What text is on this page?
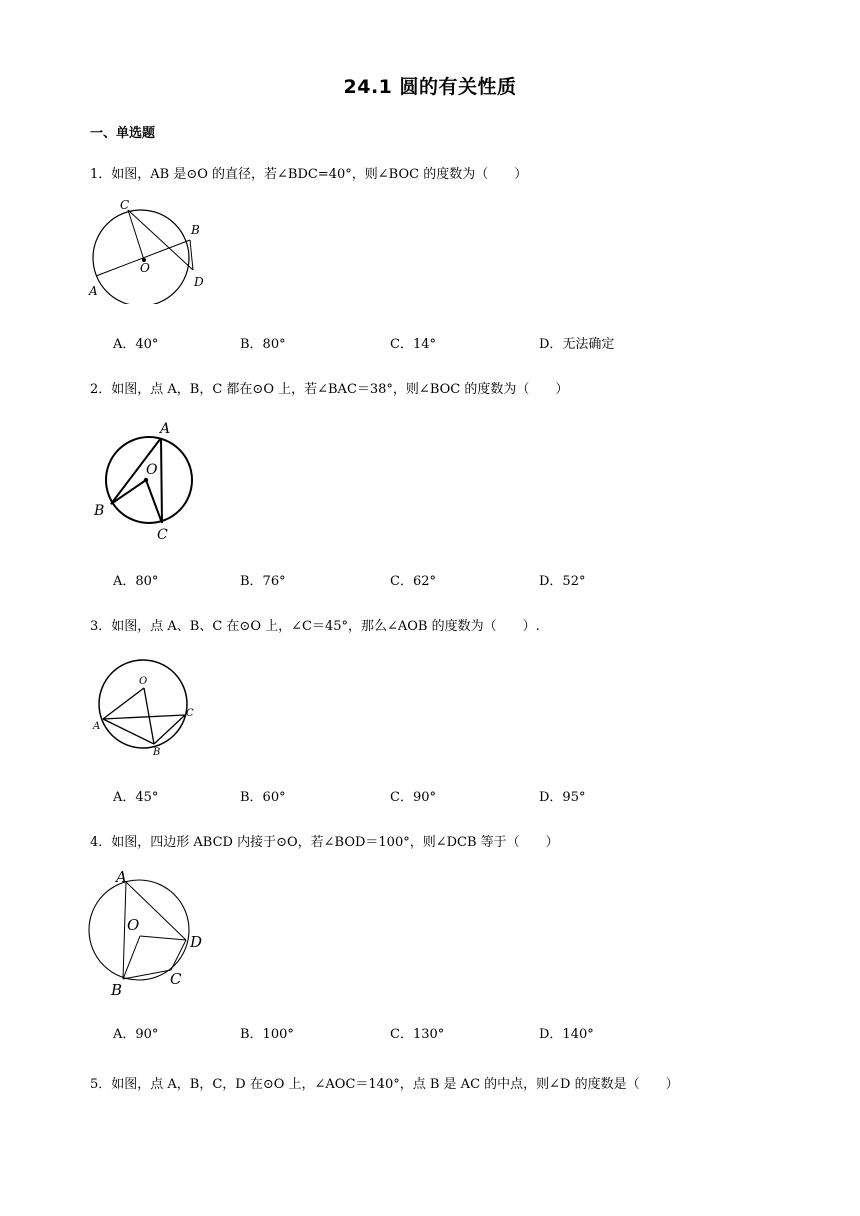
24.1 圆的有关性质
一、单选题
1．如图，AB 是⊙O 的直径，若∠BDC=40°，则∠BOC 的度数为（　　）
C
B
O
D
A
A．40°	B．80°	C．14°	D．无法确定
2．如图，点 A，B，C 都在⊙O 上，若∠BAC＝38°，则∠BOC 的度数为（　　）
A
O
B
C
A．80°	B．76°	C．62°	D．52°
3．如图，点 A、B、C 在⊙O 上，∠C＝45°，那么∠AOB 的度数为（　　）.
O
A
B
C
A．45°	B．60°	C．90°	D．95°
4．如图，四边形 ABCD 内接于⊙O，若∠BOD＝100°，则∠DCB 等于（　　）
A
O
D
B
C
A．90°	B．100°	C．130°	D．140°
5．如图，点 A，B，C，D 在⊙O 上，∠AOC＝140°，点 B 是 AC 的中点，则∠D 的度数是（　　）
